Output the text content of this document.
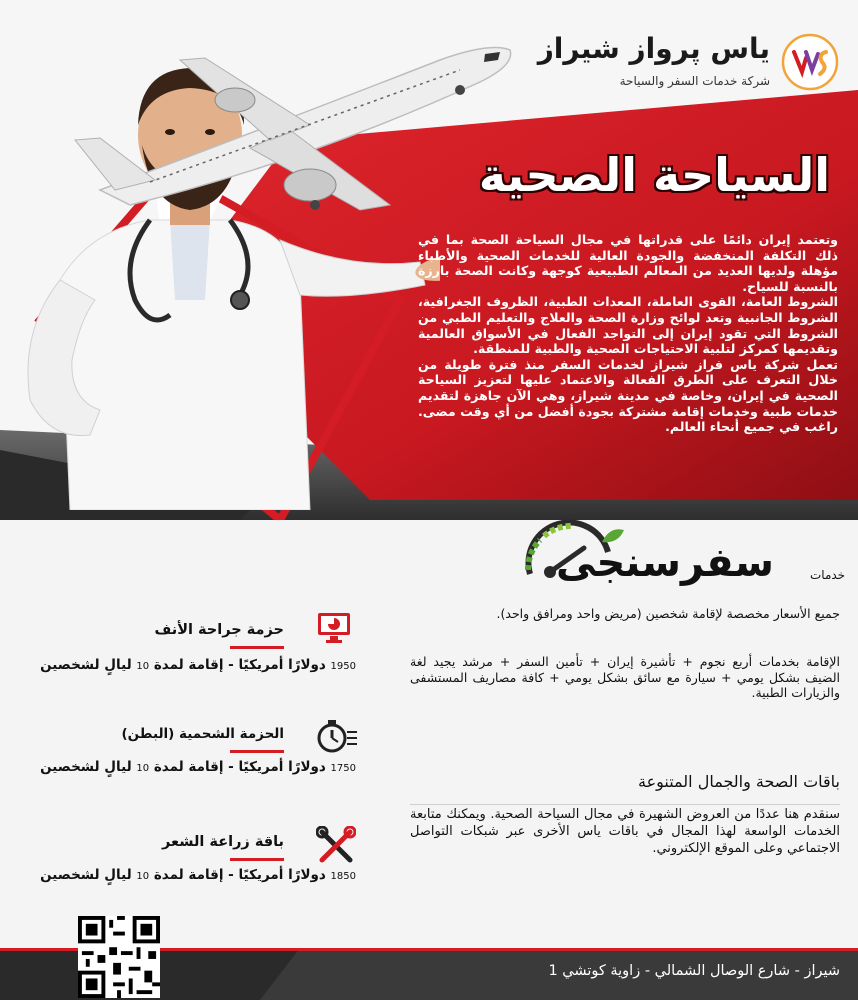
یاس پرواز شیراز
شركة خدمات السفر والسياحة
السياحة الصحية

وتعتمد إيران دائمًا على قدراتها في مجال السياحة الصحة بما في ذلك التكلفة المنخفضة والجودة العالية للخدمات الصحية والأطباء مؤهلة ولديها العديد من المعالم الطبيعية كوجهة وكانت الصحة بارزة بالنسبة للسياح.

الشروط العامة، القوى العاملة، المعدات الطبية، الظروف الجغرافية، الشروط الجانبية وتعد لوائح وزارة الصحة والعلاج والتعليم الطبي من الشروط التي تقود إيران إلى التواجد الفعال في الأسواق العالمية وتقديمها كمركز لتلبية الاحتياجات الصحية والطبية للمنطقة.

تعمل شركة ياس فراز شيراز لخدمات السفر منذ فترة طويلة من خلال التعرف على الطرق الفعالة والاعتماد عليها لتعزيز السياحة الصحية في إيران، وخاصة في مدينة شيراز، وهي الآن جاهزة لتقديم خدمات طبية وخدمات إقامة مشتركة بجودة أفضل من أي وقت مضى. راغب في جميع أنحاء العالم.

سفرسنجی	خدمات
جميع الأسعار مخصصة لإقامة شخصين (مريض واحد ومرافق واحد).
الإقامة بخدمات أربع نجوم + تأشيرة إيران + تأمين السفر + مرشد يجيد لغة الضيف بشكل يومي + سيارة مع سائق بشكل يومي + كافة مصاريف المستشفى والزيارات الطبية.
باقات الصحة والجمال المتنوعة
سنقدم هنا عددًا من العروض الشهيرة في مجال السياحة الصحية. ويمكنك متابعة الخدمات الواسعة لهذا المجال في باقات ياس الأخرى عبر شبكات التواصل الاجتماعي وعلى الموقع الإلكتروني.
حزمة جراحة الأنف
1950 دولارًا أمريكيًا - إقامة لمدة 10 ليالٍ لشخصين
الحزمة الشحمية (البطن)
1750 دولارًا أمريكيًا - إقامة لمدة 10 ليالٍ لشخصين
باقة زراعة الشعر
1850 دولارًا أمريكيًا - إقامة لمدة 10 ليالٍ لشخصين
شيراز - شارع الوصال الشمالي - زاوية كوتشي 1
